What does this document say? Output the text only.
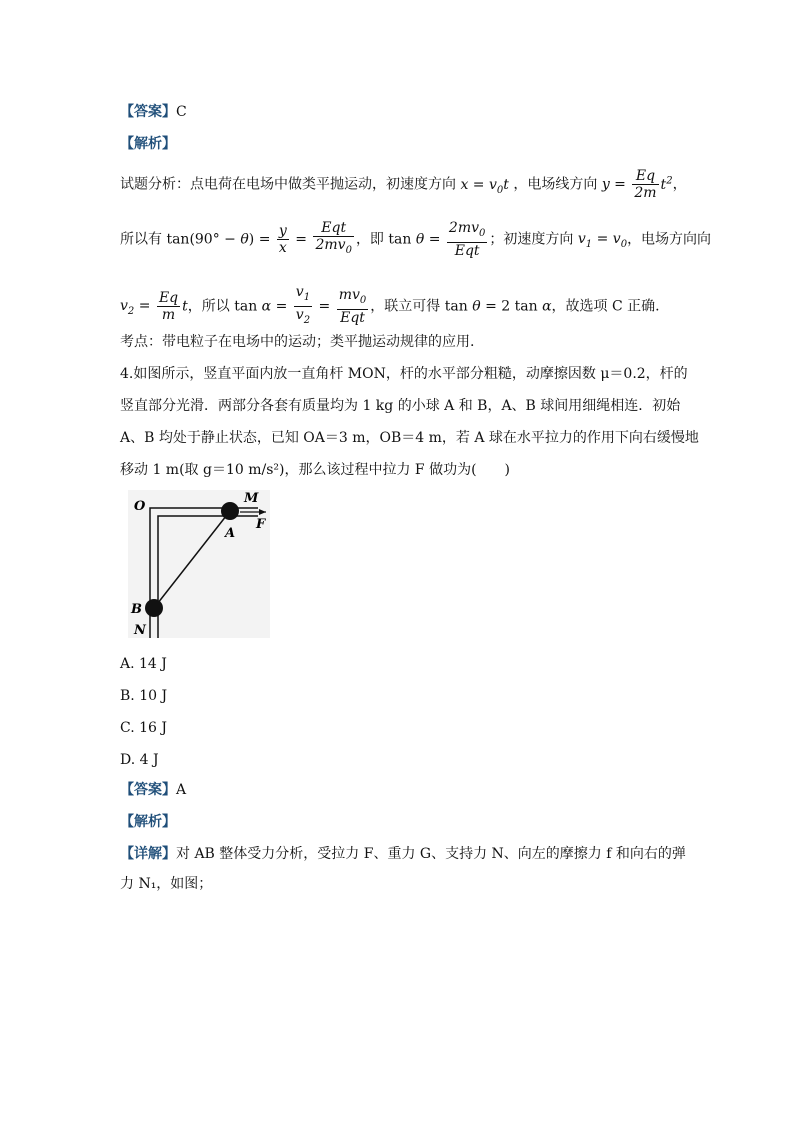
【答案】C
【解析】
试题分析：点电荷在电场中做类平抛运动，初速度方向 $x = v_0t$ ，电场线方向 $y = \frac{Eq}{2m} t^2$，
所以有 $\tan(90^\circ - \theta) = \frac{y}{x} = \frac{\text{Eqt}}{2mv_0}$ ，即 $\tan \theta = \frac{2mv_0}{\text{Eqt}}$ ；初速度方向 $v_1 = v_0$，电场方向向
$v_2 = \frac{Eq}{m}$ t，所以 $\tan \alpha = \frac{v_1}{v_2} = \frac{mv_0}{\text{Eqt}}$ ，联立可得 tan θ = 2 tan α，故选项 C 正确.
考点：带电粒子在电场中的运动；类平抛运动规律的应用.
4.如图所示，竖直平面内放一直角杆 MON，杆的水平部分粗糙，动摩擦因数 μ＝0.2，杆的
竖直部分光滑．两部分各套有质量均为 1 kg 的小球 A 和 B，A、B 球间用细绳相连．初始
A、B 均处于静止状态，已知 OA＝3 m，OB＝4 m，若 A 球在水平拉力的作用下向右缓慢地
移动 1 m(取 g＝10 m/s²)，那么该过程中拉力 F 做功为(　　)
O
M
A
F
B
N
A. 14 J
B. 10 J
C. 16 J
D. 4 J
【答案】A
【解析】
【详解】对 AB 整体受力分析，受拉力 F、重力 G、支持力 N、向左的摩擦力 f 和向右的弹
力 N₁，如图；
